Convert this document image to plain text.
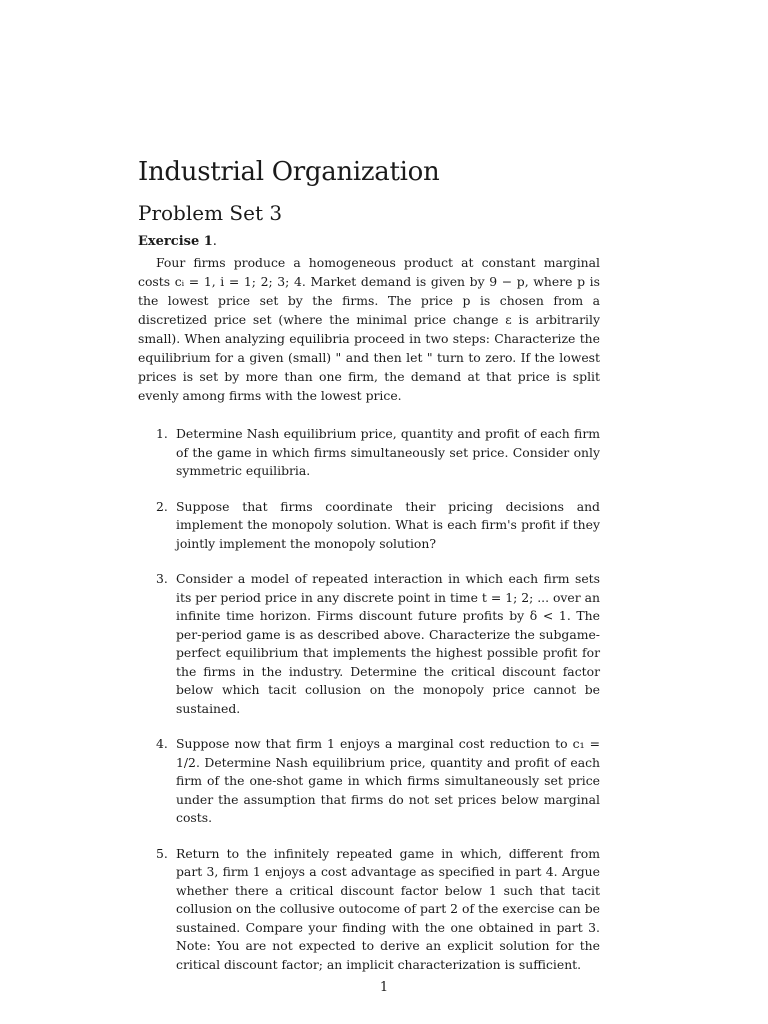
Industrial Organization
Problem Set 3

Exercise 1.

Four firms produce a homogeneous product at constant marginal costs cᵢ = 1, i = 1; 2; 3; 4. Market demand is given by 9 − p, where p is the lowest price set by the firms. The price p is chosen from a discretized price set (where the minimal price change ε is arbitrarily small). When analyzing equilibria proceed in two steps: Characterize the equilibrium for a given (small) " and then let " turn to zero. If the lowest prices is set by more than one firm, the demand at that price is split evenly among firms with the lowest price.

1. Determine Nash equilibrium price, quantity and profit of each firm of the game in which firms simultaneously set price. Consider only symmetric equilibria.
2. Suppose that firms coordinate their pricing decisions and implement the monopoly solution. What is each firm's profit if they jointly implement the monopoly solution?
3. Consider a model of repeated interaction in which each firm sets its per period price in any discrete point in time t = 1; 2; ... over an infinite time horizon. Firms discount future profits by δ < 1. The per-period game is as described above. Characterize the subgame-perfect equilibrium that implements the highest possible profit for the firms in the industry. Determine the critical discount factor below which tacit collusion on the monopoly price cannot be sustained.
4. Suppose now that firm 1 enjoys a marginal cost reduction to c₁ = 1/2. Determine Nash equilibrium price, quantity and profit of each firm of the one-shot game in which firms simultaneously set price under the assumption that firms do not set prices below marginal costs.
5. Return to the infinitely repeated game in which, different from part 3, firm 1 enjoys a cost advantage as specified in part 4. Argue whether there a critical discount factor below 1 such that tacit collusion on the collusive outocome of part 2 of the exercise can be sustained. Compare your finding with the one obtained in part 3. Note: You are not expected to derive an explicit solution for the critical discount factor; an implicit characterization is sufficient.
1
